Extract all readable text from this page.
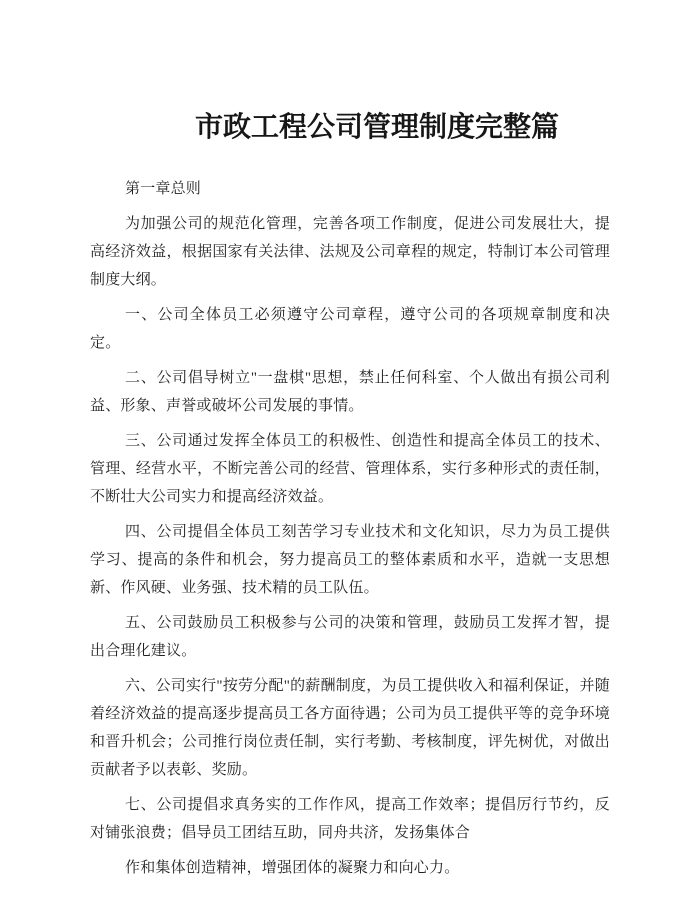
市政工程公司管理制度完整篇

第一章总则

为加强公司的规范化管理，完善各项工作制度，促进公司发展壮大，提高经济效益，根据国家有关法律、法规及公司章程的规定，特制订本公司管理制度大纲。

一、公司全体员工必须遵守公司章程，遵守公司的各项规章制度和决定。

二、公司倡导树立"一盘棋"思想，禁止任何科室、个人做出有损公司利益、形象、声誉或破坏公司发展的事情。

三、公司通过发挥全体员工的积极性、创造性和提高全体员工的技术、管理、经营水平，不断完善公司的经营、管理体系，实行多种形式的责任制，不断壮大公司实力和提高经济效益。

四、公司提倡全体员工刻苦学习专业技术和文化知识，尽力为员工提供学习、提高的条件和机会，努力提高员工的整体素质和水平，造就一支思想新、作风硬、业务强、技术精的员工队伍。

五、公司鼓励员工积极参与公司的决策和管理，鼓励员工发挥才智，提出合理化建议。

六、公司实行"按劳分配"的薪酬制度，为员工提供收入和福利保证，并随着经济效益的提高逐步提高员工各方面待遇；公司为员工提供平等的竞争环境和晋升机会；公司推行岗位责任制，实行考勤、考核制度，评先树优，对做出贡献者予以表彰、奖励。

七、公司提倡求真务实的工作作风，提高工作效率；提倡厉行节约，反对铺张浪费；倡导员工团结互助，同舟共济，发扬集体合

作和集体创造精神，增强团体的凝聚力和向心力。
